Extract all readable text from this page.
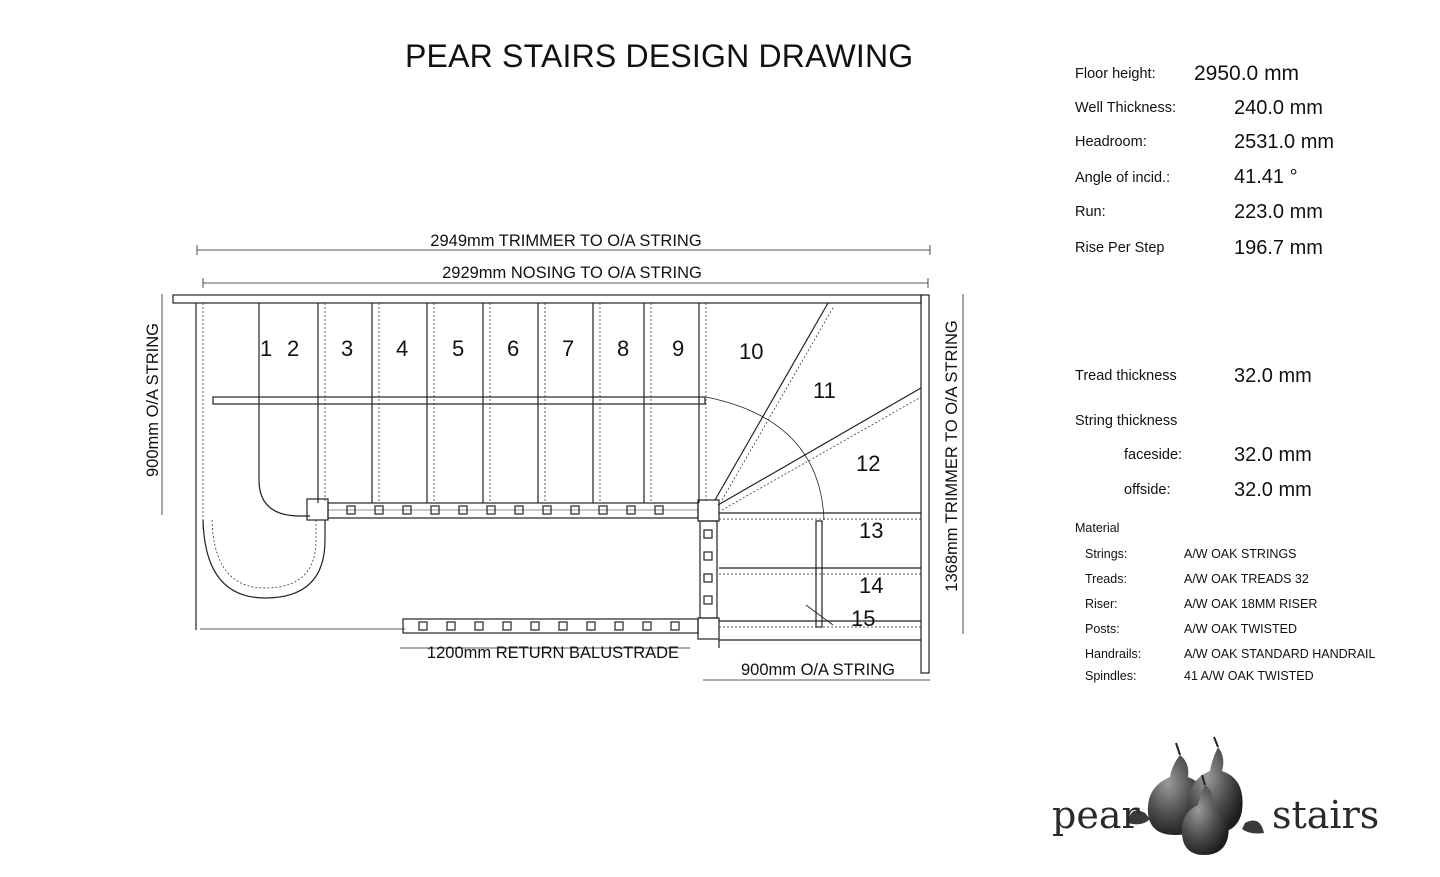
1 2 3 4 5 6 7 8 9 10
11
12
13
14
15
2949mm TRIMMER TO O/A STRING
2929mm NOSING TO O/A STRING
1200mm RETURN BALUSTRADE
900mm O/A STRING
900mm O/A STRING	1368mm TRIMMER TO O/A STRING
PEAR STAIRS DESIGN DRAWING	Floor height: 2950.0 mm
Well Thickness:	240.0 mm
Headroom:	2531.0 mm
Angle of incid.:	41.41 °
Run:	223.0 mm
Rise Per Step	196.7 mm
Tread thickness	32.0 mm
String thickness
faceside:	32.0 mm
offside:	32.0 mm
Material
Strings:	A/W OAK STRINGS
Treads:	A/W OAK TREADS 32
Riser:	A/W OAK 18MM RISER
Posts:	A/W OAK TWISTED
Handrails:	A/W OAK STANDARD HANDRAIL
Spindles:	41 A/W OAK TWISTED
pear	stairs
